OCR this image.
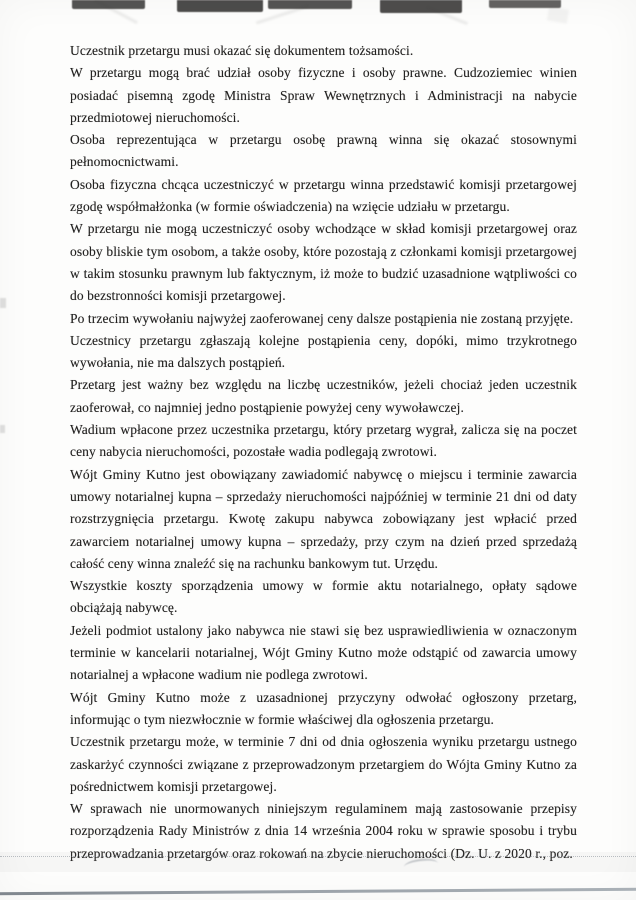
Uczestnik przetargu musi okazać się dokumentem tożsamości.

W przetargu mogą brać udział osoby fizyczne i osoby prawne. Cudzoziemiec winien posiadać pisemną zgodę Ministra Spraw Wewnętrznych i Administracji na nabycie przedmiotowej nieruchomości.

Osoba reprezentująca w przetargu osobę prawną winna się okazać stosownymi pełnomocnictwami.

Osoba fizyczna chcąca uczestniczyć w przetargu winna przedstawić komisji przetargowej zgodę współmałżonka (w formie oświadczenia) na wzięcie udziału w przetargu.

W przetargu nie mogą uczestniczyć osoby wchodzące w skład komisji przetargowej oraz osoby bliskie tym osobom, a także osoby, które pozostają z członkami komisji przetargowej w takim stosunku prawnym lub faktycznym, iż może to budzić uzasadnione wątpliwości co do bezstronności komisji przetargowej.

Po trzecim wywołaniu najwyżej zaoferowanej ceny dalsze postąpienia nie zostaną przyjęte.

Uczestnicy przetargu zgłaszają kolejne postąpienia ceny, dopóki, mimo trzykrotnego wywołania, nie ma dalszych postąpień.

Przetarg jest ważny bez względu na liczbę uczestników, jeżeli chociaż jeden uczestnik zaoferował, co najmniej jedno postąpienie powyżej ceny wywoławczej.

Wadium wpłacone przez uczestnika przetargu, który przetarg wygrał, zalicza się na poczet ceny nabycia nieruchomości, pozostałe wadia podlegają zwrotowi.

Wójt Gminy Kutno jest obowiązany zawiadomić nabywcę o miejscu i terminie zawarcia umowy notarialnej kupna – sprzedaży nieruchomości najpóźniej w terminie 21 dni od daty rozstrzygnięcia przetargu. Kwotę zakupu nabywca zobowiązany jest wpłacić przed zawarciem notarialnej umowy kupna – sprzedaży, przy czym na dzień przed sprzedażą całość ceny winna znaleźć się na rachunku bankowym tut. Urzędu.

Wszystkie koszty sporządzenia umowy w formie aktu notarialnego, opłaty sądowe obciążają nabywcę.

Jeżeli podmiot ustalony jako nabywca nie stawi się bez usprawiedliwienia w oznaczonym terminie w kancelarii notarialnej, Wójt Gminy Kutno może odstąpić od zawarcia umowy notarialnej a wpłacone wadium nie podlega zwrotowi.

Wójt Gminy Kutno może z uzasadnionej przyczyny odwołać ogłoszony przetarg, informując o tym niezwłocznie w formie właściwej dla ogłoszenia przetargu.

Uczestnik przetargu może, w terminie 7 dni od dnia ogłoszenia wyniku przetargu ustnego zaskarżyć czynności związane z przeprowadzonym przetargiem do Wójta Gminy Kutno za pośrednictwem komisji przetargowej.

W sprawach nie unormowanych niniejszym regulaminem mają zastosowanie przepisy rozporządzenia Rady Ministrów z dnia 14 września 2004 roku w sprawie sposobu i trybu przeprowadzania przetargów oraz rokowań na zbycie nieruchomości (Dz. U. z 2020 r., poz.
